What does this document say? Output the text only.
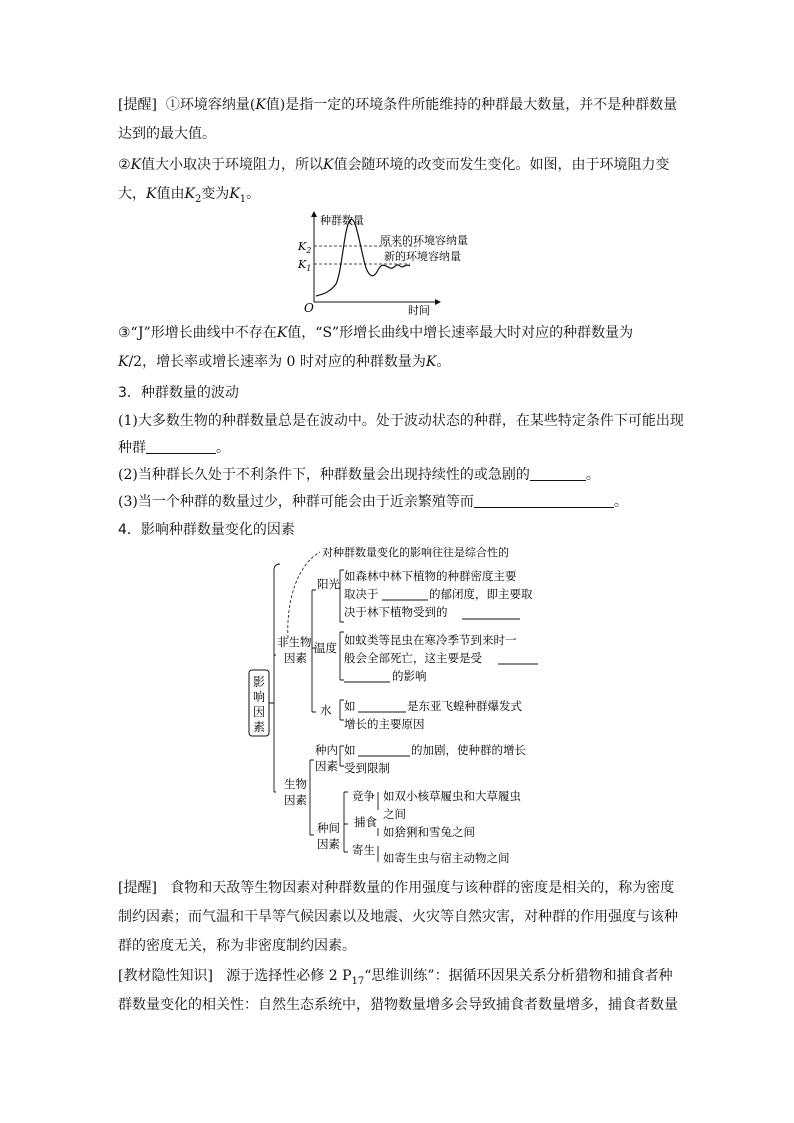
[提醒] ①环境容纳量(K值)是指一定的环境条件所能维持的种群最大数量，并不是种群数量
达到的最大值。
②K值大小取决于环境阻力，所以K值会随环境的改变而发生变化。如图，由于环境阻力变
大，K值由$K_2$变为$K_1$。
种群数量
时间
O
$K_2$
$K_1$
原来的环境容纳量
新的环境容纳量
③“J”形增长曲线中不存在K值，“S”形增长曲线中增长速率最大时对应的种群数量为
K/2，增长率或增长速率为 0 时对应的种群数量为K。
3．种群数量的波动
(1)大多数生物的种群数量总是在波动中。处于波动状态的种群，在某些特定条件下可能出现
种群	。
(2)当种群长久处于不利条件下，种群数量会出现持续性的或急剧的	。
(3)当一个种群的数量过少，种群可能会由于近亲繁殖等而	。
4．影响种群数量变化的因素
对种群数量变化的影响往往是综合性的
影响因素
非生物
因素
阳光
如森林中林下植物的种群密度主要
取决于	的郁闭度，即主要取
决于林下植物受到的
温度
如蚊类等昆虫在寒冷季节到来时一
般会全部死亡，这主要是受
的影响
水 如	是东亚飞蝗种群爆发式
增长的主要原因
生物
因素
种内
因素
如	的加剧，使种群的增长
受到限制
种间
因素
竞争 如双小核草履虫和大草履虫
之间
捕食
如猞猁和雪兔之间
寄生
如寄生虫与宿主动物之间
[提醒] 食物和天敌等生物因素对种群数量的作用强度与该种群的密度是相关的，称为密度
制约因素；而气温和干旱等气候因素以及地震、火灾等自然灾害，对种群的作用强度与该种
群的密度无关，称为非密度制约因素。
[教材隐性知识] 源于选择性必修 2 $P_{17}“$思维训练”：据循环因果关系分析猎物和捕食者种
群数量变化的相关性：自然生态系统中，猎物数量增多会导致捕食者数量增多，捕食者数量
